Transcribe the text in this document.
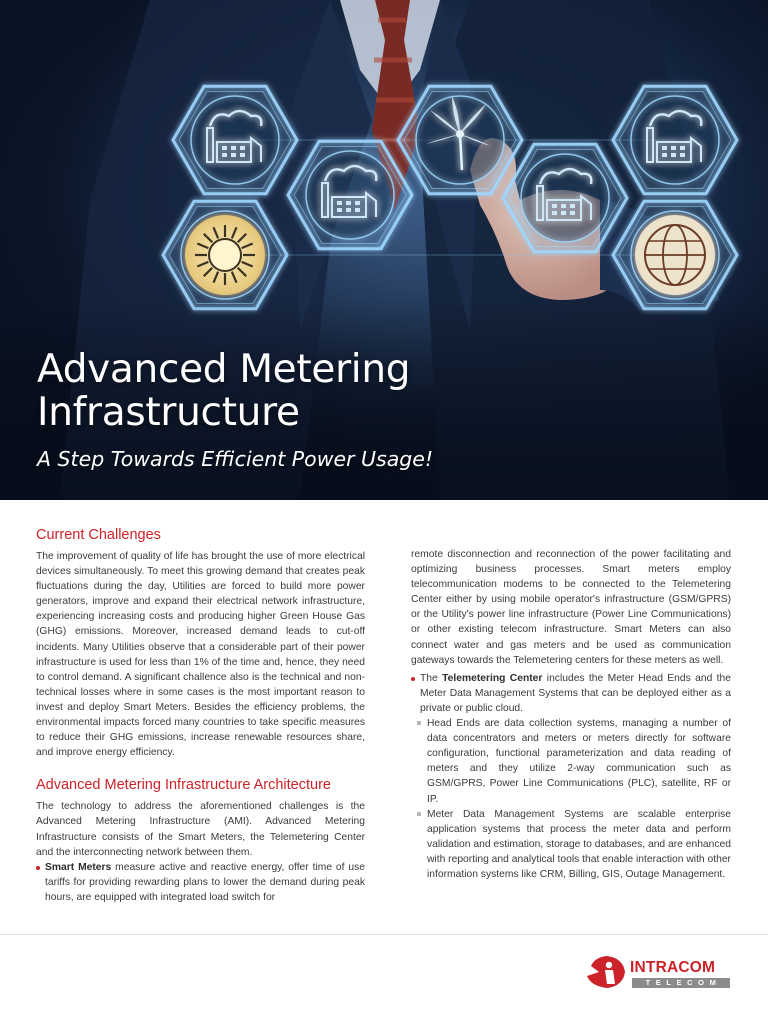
Advanced Metering
Infrastructure
A Step Towards Efficient Power Usage!
Current Challenges

The improvement of quality of life has brought the use of more electrical devices simultaneously. To meet this growing demand that creates peak fluctuations during the day, Utilities are forced to build more power generators, improve and expand their electrical network infrastructure, experiencing increasing costs and producing higher Green House Gas (GHG) emissions. Moreover, increased demand leads to cut-off incidents. Many Utilities observe that a considerable part of their power infrastructure is used for less than 1% of the time and, hence, they need to control demand. A significant challence also is the technical and non-technical losses where in some cases is the most important reason to invest and deploy Smart Meters. Besides the efficiency problems, the environmental impacts forced many countries to take specific measures to reduce their GHG emissions, increase renewable resources share, and improve energy efficiency.

Advanced Metering Infrastructure Architecture

The technology to address the aforementioned challenges is the Advanced Metering Infrastructure (AMI). Advanced Metering Infrastructure consists of the Smart Meters, the Telemetering Center and the interconnecting network between them.

Smart Meters measure active and reactive energy, offer time of use tariffs for providing rewarding plans to lower the demand during peak hours, are equipped with integrated load switch for

remote disconnection and reconnection of the power facilitating and optimizing business processes. Smart meters employ telecommunication modems to be connected to the Telemetering Center either by using mobile operator's infrastructure (GSM/GPRS) or the Utility's power line infrastructure (Power Line Communications) or other existing telecom infrastructure. Smart Meters can also connect water and gas meters and be used as communication gateways towards the Telemetering centers for these meters as well.

The Telemetering Center includes the Meter Head Ends and the Meter Data Management Systems that can be deployed either as a private or public cloud.

Head Ends are data collection systems, managing a number of data concentrators and meters or meters directly for software configuration, functional parameterization and data reading of meters and they utilize 2-way communication such as GSM/GPRS, Power Line Communications (PLC), satellite, RF or IP.

Meter Data Management Systems are scalable enterprise application systems that process the meter data and perform validation and estimation, storage to databases, and are enhanced with reporting and analytical tools that enable interaction with other information systems like CRM, Billing, GIS, Outage Management.

INTRACOM
TELECOM
